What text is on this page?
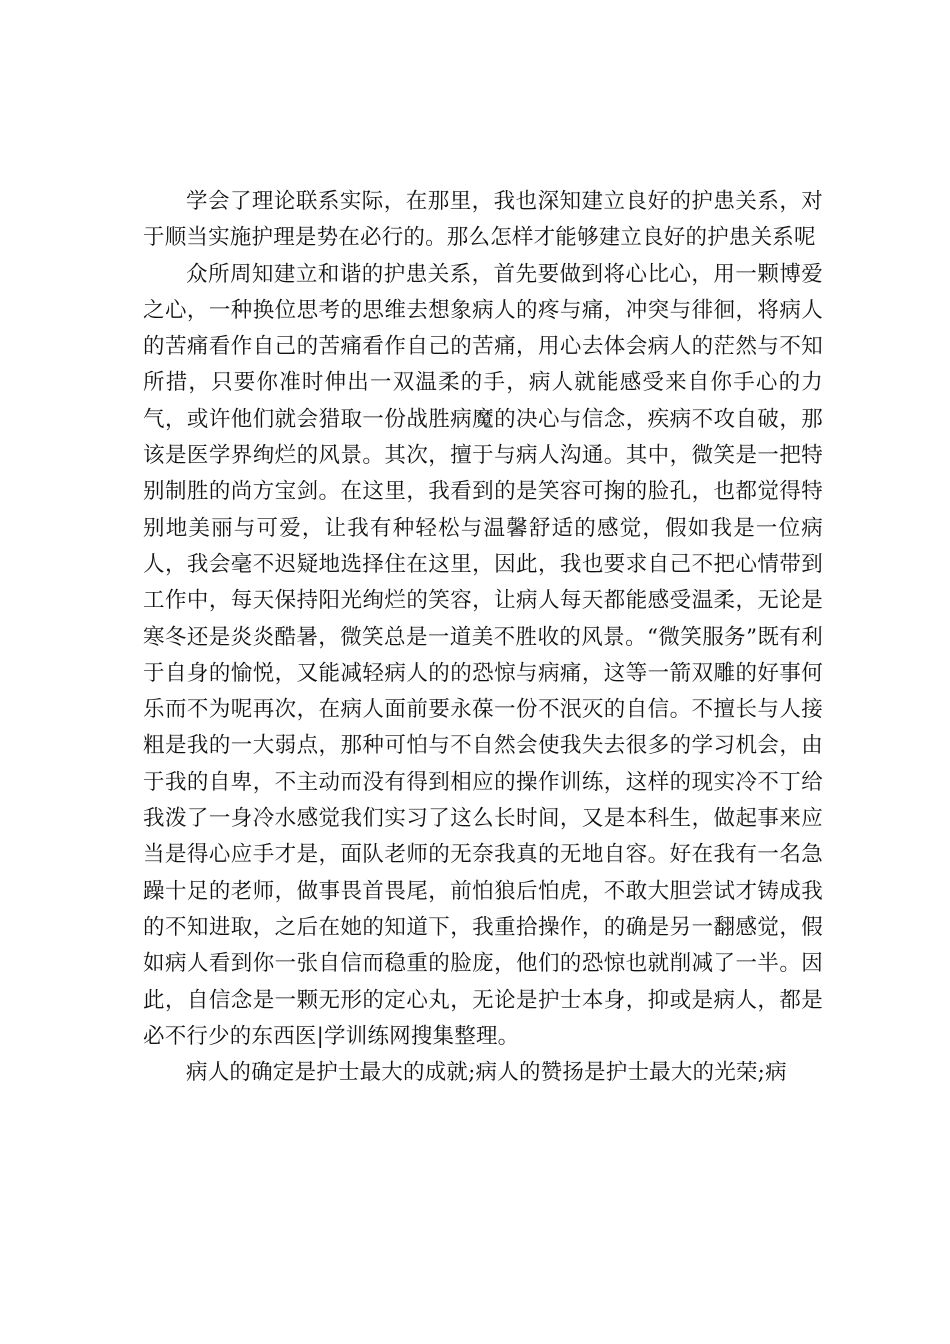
学会了理论联系实际，在那里，我也深知建立良好的护患关系，对于顺当实施护理是势在必行的。那么怎样才能够建立良好的护患关系呢

众所周知建立和谐的护患关系，首先要做到将心比心，用一颗博爱之心，一种换位思考的思维去想象病人的疼与痛，冲突与徘徊，将病人的苦痛看作自己的苦痛看作自己的苦痛，用心去体会病人的茫然与不知所措，只要你准时伸出一双温柔的手，病人就能感受来自你手心的力气，或许他们就会猎取一份战胜病魔的决心与信念，疾病不攻自破，那该是医学界绚烂的风景。其次，擅于与病人沟通。其中，微笑是一把特别制胜的尚方宝剑。在这里，我看到的是笑容可掬的脸孔，也都觉得特别地美丽与可爱，让我有种轻松与温馨舒适的感觉，假如我是一位病人，我会毫不迟疑地选择住在这里，因此，我也要求自己不把心情带到工作中，每天保持阳光绚烂的笑容，让病人每天都能感受温柔，无论是寒冬还是炎炎酷暑，微笑总是一道美不胜收的风景。“微笑服务”既有利于自身的愉悦，又能减轻病人的的恐惊与病痛，这等一箭双雕的好事何乐而不为呢再次，在病人面前要永葆一份不泯灭的自信。不擅长与人接粗是我的一大弱点，那种可怕与不自然会使我失去很多的学习机会，由于我的自卑，不主动而没有得到相应的操作训练，这样的现实冷不丁给我泼了一身冷水感觉我们实习了这么长时间，又是本科生，做起事来应当是得心应手才是，面队老师的无奈我真的无地自容。好在我有一名急躁十足的老师，做事畏首畏尾，前怕狼后怕虎，不敢大胆尝试才铸成我的不知进取，之后在她的知道下，我重拾操作，的确是另一翻感觉，假如病人看到你一张自信而稳重的脸庞，他们的恐惊也就削减了一半。因此，自信念是一颗无形的定心丸，无论是护士本身，抑或是病人，都是必不行少的东西医|学训练网搜集整理。

病人的确定是护士最大的成就;病人的赞扬是护士最大的光荣;病
